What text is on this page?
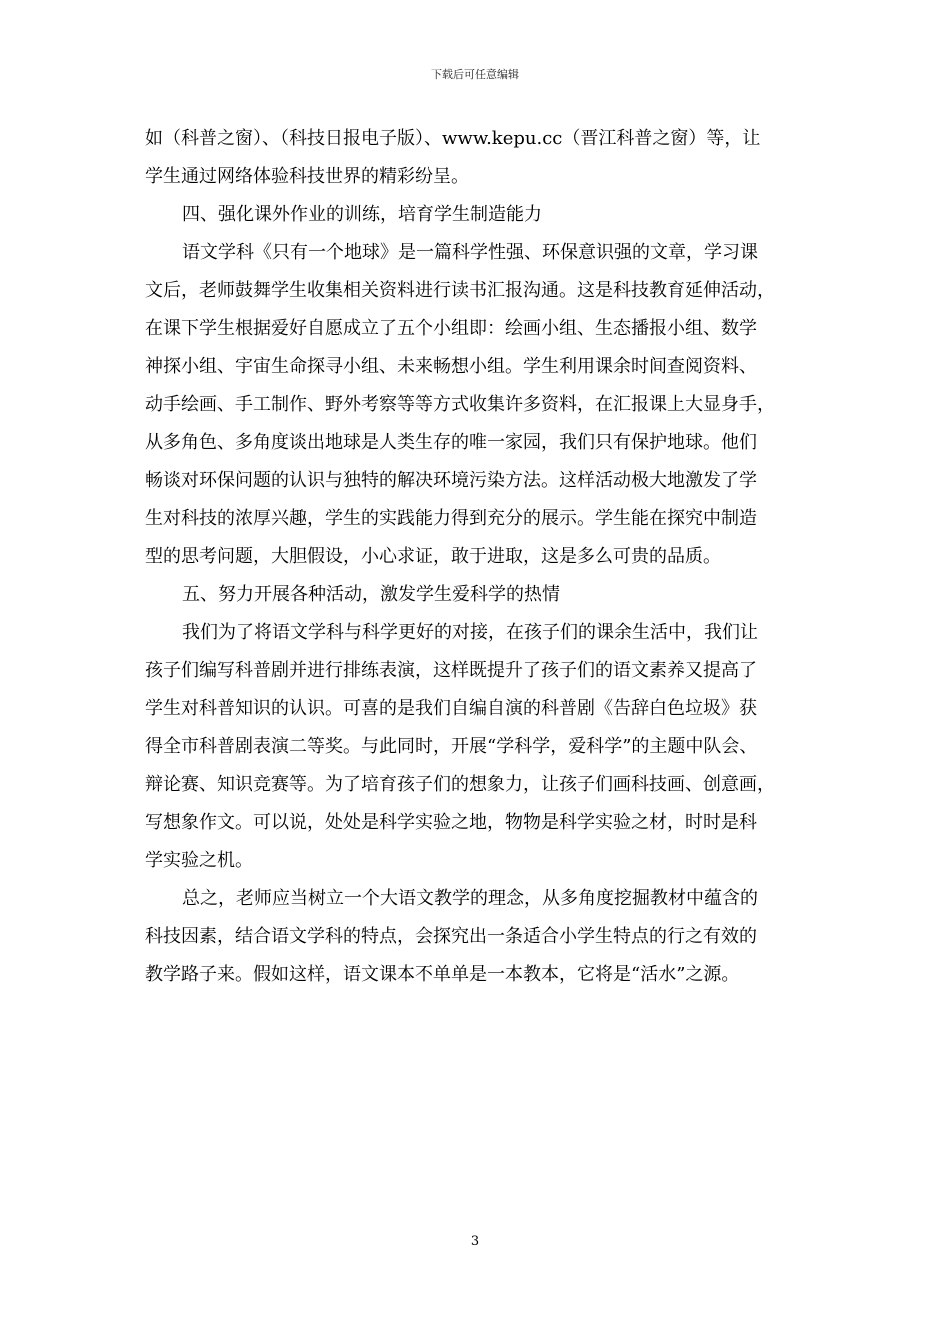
下载后可任意编辑
如（科普之窗）、（科技日报电子版）、www.kepu.cc（晋江科普之窗）等，让
学生通过网络体验科技世界的精彩纷呈。
四、强化课外作业的训练，培育学生制造能力
语文学科《只有一个地球》是一篇科学性强、环保意识强的文章，学习课
文后，老师鼓舞学生收集相关资料进行读书汇报沟通。这是科技教育延伸活动，
在课下学生根据爱好自愿成立了五个小组即：绘画小组、生态播报小组、数学
神探小组、宇宙生命探寻小组、未来畅想小组。学生利用课余时间查阅资料、
动手绘画、手工制作、野外考察等等方式收集许多资料，在汇报课上大显身手，
从多角色、多角度谈出地球是人类生存的唯一家园，我们只有保护地球。他们
畅谈对环保问题的认识与独特的解决环境污染方法。这样活动极大地激发了学
生对科技的浓厚兴趣，学生的实践能力得到充分的展示。学生能在探究中制造
型的思考问题，大胆假设，小心求证，敢于进取，这是多么可贵的品质。
五、努力开展各种活动，激发学生爱科学的热情
我们为了将语文学科与科学更好的对接，在孩子们的课余生活中，我们让
孩子们编写科普剧并进行排练表演，这样既提升了孩子们的语文素养又提高了
学生对科普知识的认识。可喜的是我们自编自演的科普剧《告辞白色垃圾》获
得全市科普剧表演二等奖。与此同时，开展“学科学，爱科学”的主题中队会、
辩论赛、知识竞赛等。为了培育孩子们的想象力，让孩子们画科技画、创意画，
写想象作文。可以说，处处是科学实验之地，物物是科学实验之材，时时是科
学实验之机。
总之，老师应当树立一个大语文教学的理念，从多角度挖掘教材中蕴含的
科技因素，结合语文学科的特点，会探究出一条适合小学生特点的行之有效的
教学路子来。假如这样，语文课本不单单是一本教本，它将是“活水”之源。
3
